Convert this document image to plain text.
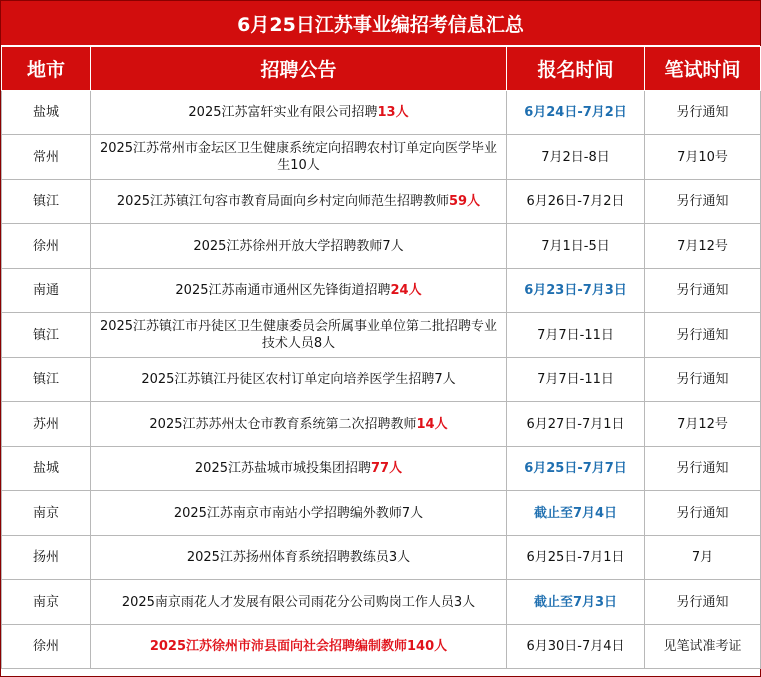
6月25日江苏事业编招考信息汇总
地市	招聘公告	报名时间	笔试时间
盐城	2025江苏富轩实业有限公司招聘13人	6月24日-7月2日	另行通知
常州	2025江苏常州市金坛区卫生健康系统定向招聘农村订单定向医学毕业生10人	7月2日-8日	7月10号
镇江	2025江苏镇江句容市教育局面向乡村定向师范生招聘教师59人	6月26日-7月2日	另行通知
徐州	2025江苏徐州开放大学招聘教师7人	7月1日-5日	7月12号
南通	2025江苏南通市通州区先锋街道招聘24人	6月23日-7月3日	另行通知
镇江	2025江苏镇江市丹徒区卫生健康委员会所属事业单位第二批招聘专业技术人员8人	7月7日-11日	另行通知
镇江	2025江苏镇江丹徒区农村订单定向培养医学生招聘7人	7月7日-11日	另行通知
苏州	2025江苏苏州太仓市教育系统第二次招聘教师14人	6月27日-7月1日	7月12号
盐城	2025江苏盐城市城投集团招聘77人	6月25日-7月7日	另行通知
南京	2025江苏南京市南站小学招聘编外教师7人	截止至7月4日	另行通知
扬州	2025江苏扬州体育系统招聘教练员3人	6月25日-7月1日	7月
南京	2025南京雨花人才发展有限公司雨花分公司购岗工作人员3人	截止至7月3日	另行通知
徐州	2025江苏徐州市沛县面向社会招聘编制教师140人	6月30日-7月4日	见笔试准考证
